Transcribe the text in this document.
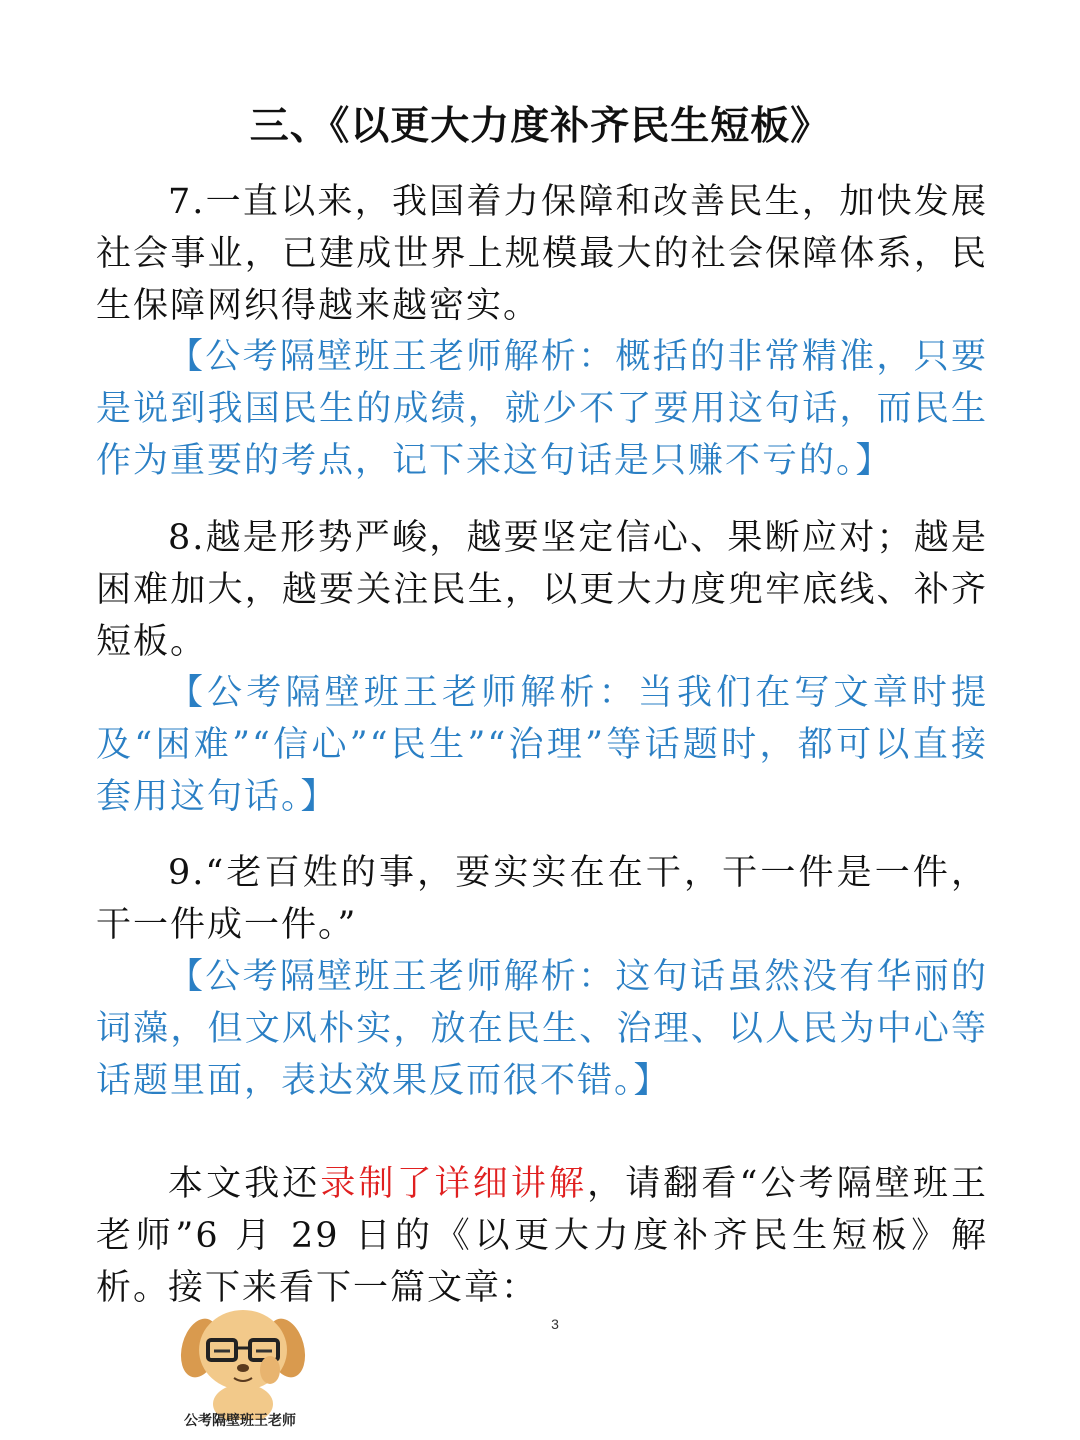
三、《以更大力度补齐民生短板》

7.一直以来，我国着力保障和改善民生，加快发展社会事业，已建成世界上规模最大的社会保障体系，民生保障网织得越来越密实。

【公考隔壁班王老师解析：概括的非常精准，只要是说到我国民生的成绩，就少不了要用这句话，而民生作为重要的考点，记下来这句话是只赚不亏的。】

8.越是形势严峻，越要坚定信心、果断应对；越是困难加大，越要关注民生，以更大力度兜牢底线、补齐短板。

【公考隔壁班王老师解析：当我们在写文章时提及“困难”“信心”“民生”“治理”等话题时，都可以直接套用这句话。】

9.“老百姓的事，要实实在在干，干一件是一件，干一件成一件。”

【公考隔壁班王老师解析：这句话虽然没有华丽的词藻，但文风朴实，放在民生、治理、以人民为中心等话题里面，表达效果反而很不错。】

本文我还录制了详细讲解，请翻看“公考隔壁班王老师”6 月 29 日的《以更大力度补齐民生短板》解析。

接下来看下一篇文章：

3
公考隔壁班王老师
